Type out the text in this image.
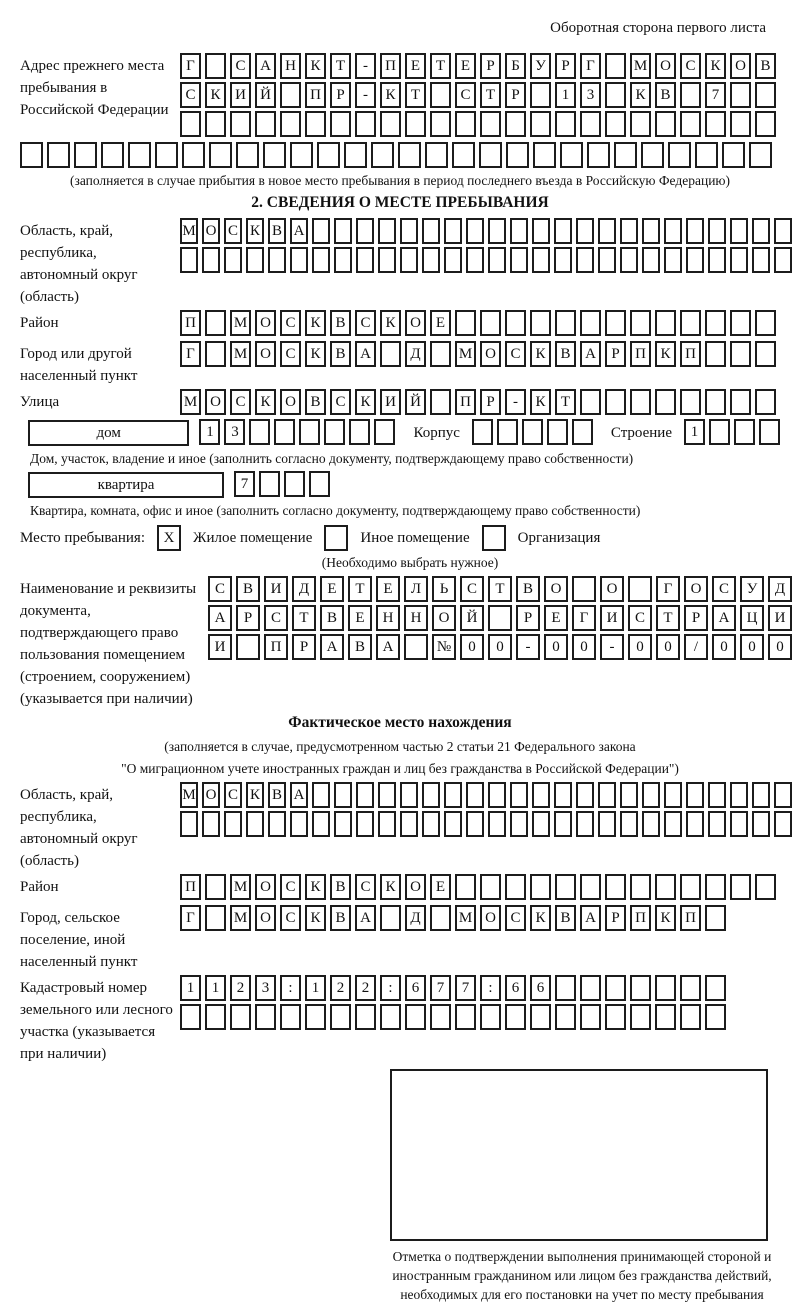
Оборотная сторона первого листа
Адрес прежнего места пребывания в Российской Федерации
Г	С А Н К	Т	-	П Е	Т	Е	Р	Б	У	Р	Г	М О С К О В
С К И Й	П	Р	-	К	Т	С	Т	Р	1	3	К В	7
(заполняется в случае прибытия в новое место пребывания в период последнего въезда в Российскую Федерацию)
2. СВЕДЕНИЯ О МЕСТЕ ПРЕБЫВАНИЯ
Область, край, республика, автономный округ (область)
М О С К В А
Район	П	М О С К В С К О Е
Город или другой населенный пункт
Г	М О С К В А	Д	М О С К В А	Р	П К П
Улица	М О С К О В С К И Й	П	Р	-	К	Т
дом	1	3	Корпус	Строение	1
Дом, участок, владение и иное (заполнить согласно документу, подтверждающему право собственности)
квартира	7
Квартира, комната, офис и иное (заполнить согласно документу, подтверждающему право собственности)
Место пребывания:	X	Жилое помещение	Иное помещение	Организация
(Необходимо выбрать нужное)
Наименование и реквизиты документа, подтверждающего право пользования помещением (строением, сооружением) (указывается при наличии)
С	В	И	Д	Е	Т	Е	Л	Ь	С	Т	В	О	О	Г	О	С	У	Д
А	Р	С	Т	В	Е	Н	Н	О	Й	Р	Е	Г	И	С	Т	Р	А	Ц	И
И	П	Р	А	В	А	№	0	0	-	0	0	-	0	0	/	0	0	0
Фактическое место нахождения
(заполняется в случае, предусмотренном частью 2 статьи 21 Федерального закона
"О миграционном учете иностранных граждан и лиц без гражданства в Российской Федерации")
Область, край, республика, автономный округ (область)
М О С К В А
Район	П	М О С К В С К О Е
Город, сельское поселение, иной населенный пункт
Г	М О С К В А	Д	М О С К В А	Р	П К П
Кадастровый номер земельного или лесного участка (указывается при наличии)
1	1	2	3	:	1	2	2	:	6	7	7	:	6	6
Отметка о подтверждении выполнения принимающей стороной и иностранным гражданином или лицом без гражданства действий, необходимых для его постановки на учет по месту пребывания
